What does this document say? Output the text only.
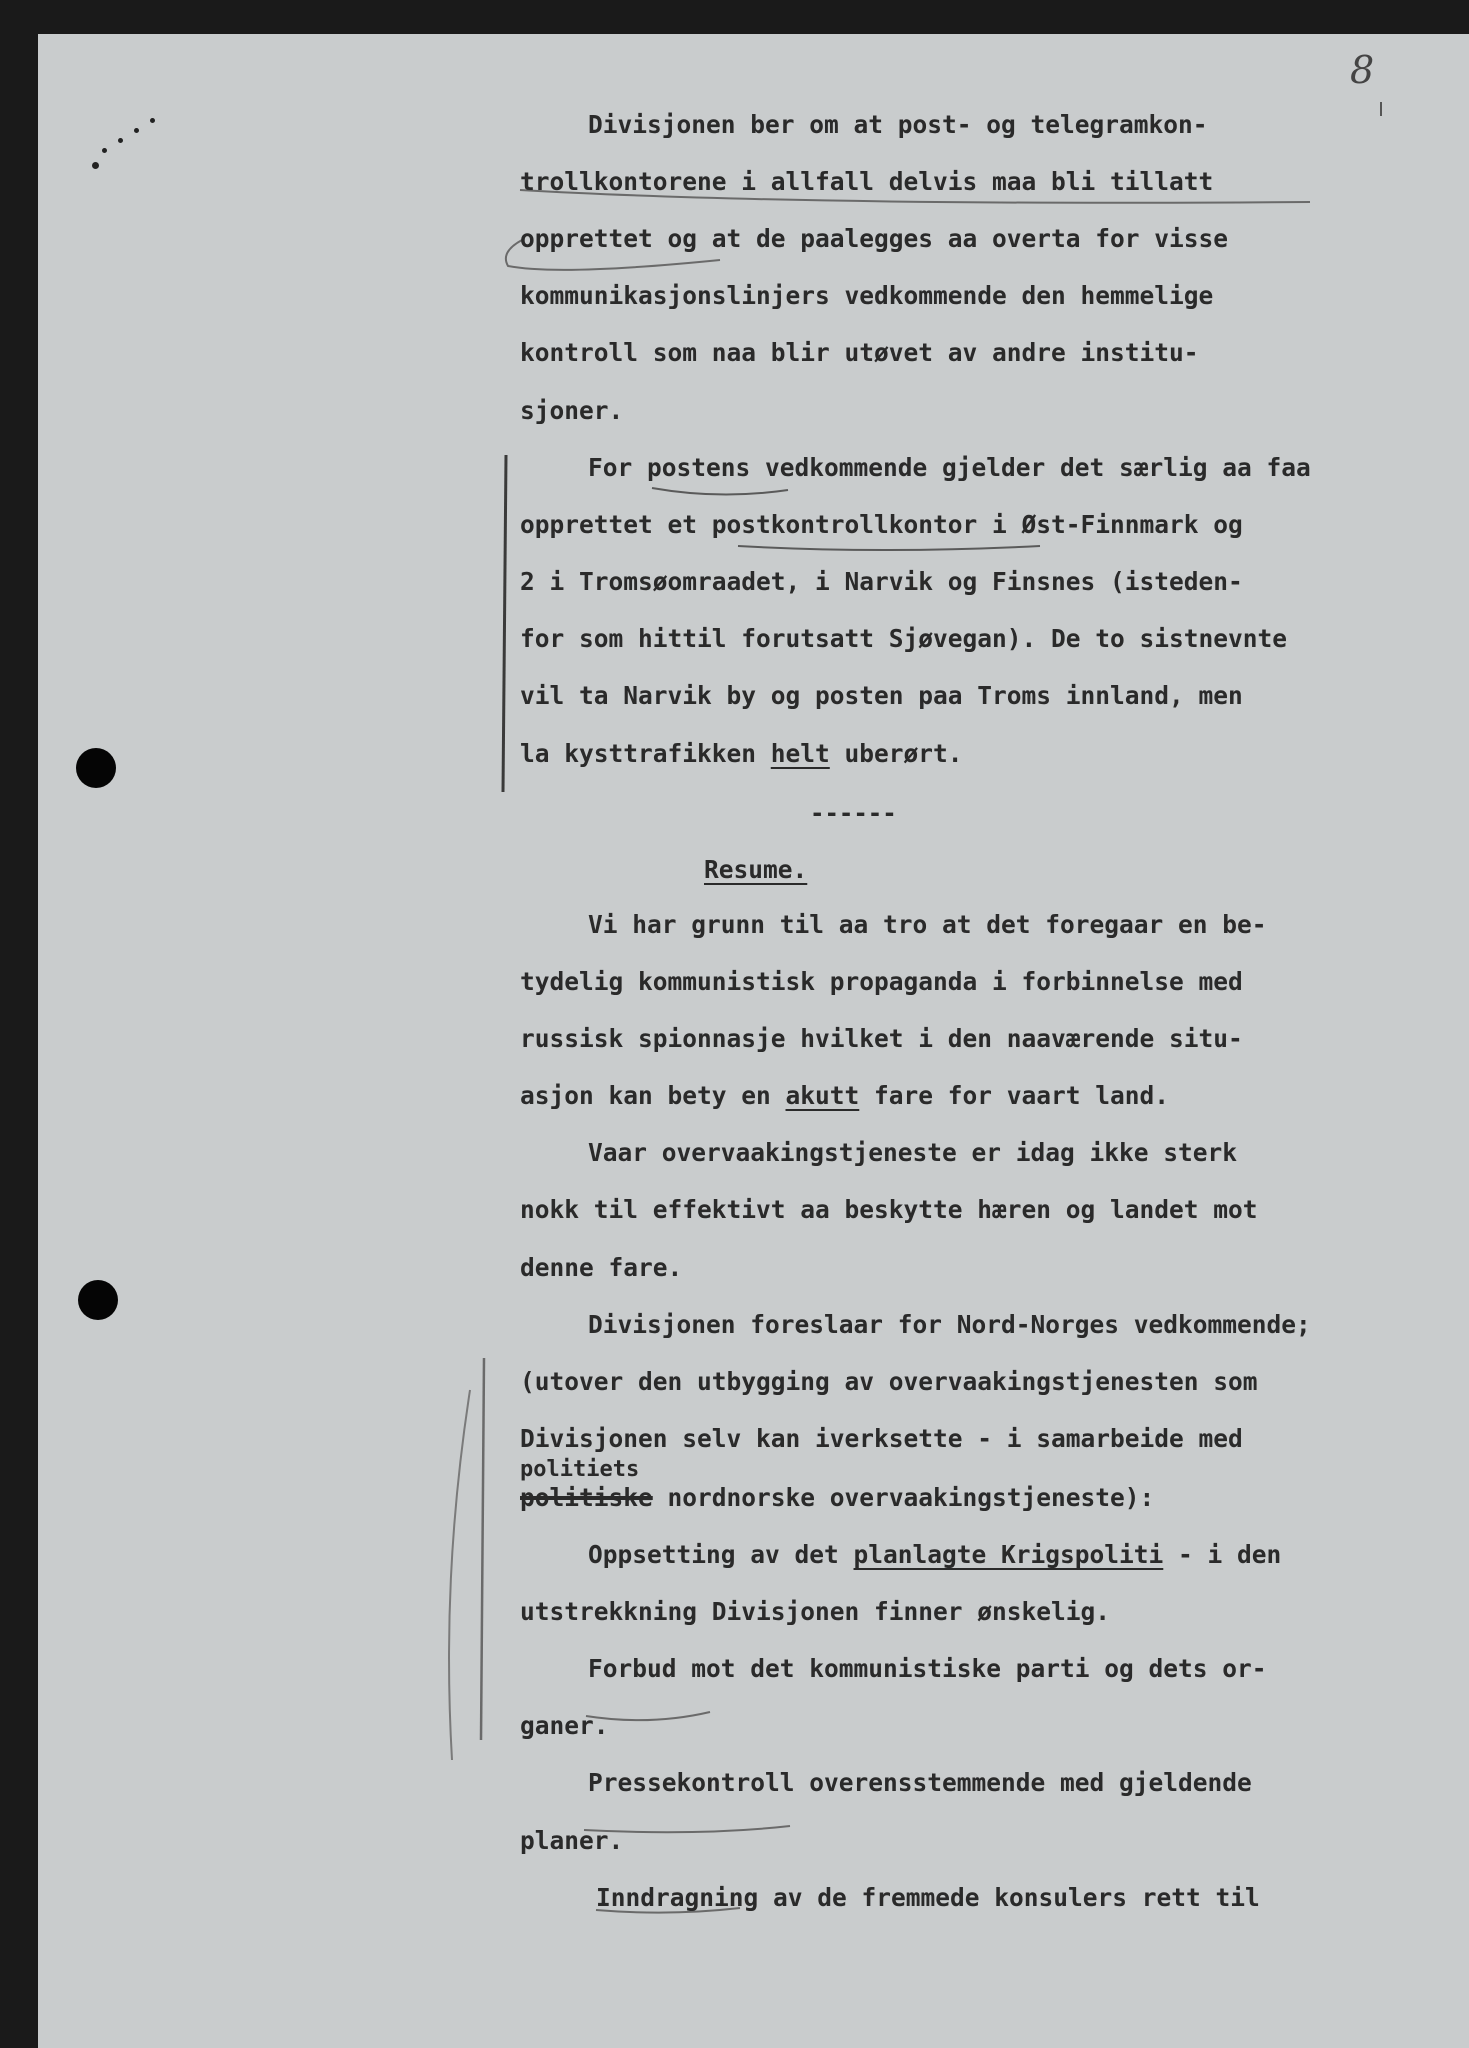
8

Divisjonen ber om at post- og telegramkon-

trollkontorene i allfall delvis maa bli tillatt

opprettet og at de paalegges aa overta for visse

kommunikasjonslinjers vedkommende den hemmelige

kontroll som naa blir utøvet av andre institu-

sjoner.

For postens vedkommende gjelder det særlig aa faa

opprettet et postkontrollkontor i Øst-Finnmark og

2 i Tromsøomraadet, i Narvik og Finsnes (isteden-

for som hittil forutsatt Sjøvegan). De to sistnevnte

vil ta Narvik by og posten paa Troms innland, men

la kysttrafikken helt uberørt.

------

Resume.

Vi har grunn til aa tro at det foregaar en be-

tydelig kommunistisk propaganda i forbinnelse med

russisk spionnasje hvilket i den naaværende situ-

asjon kan bety en akutt fare for vaart land.

Vaar overvaakingstjeneste er idag ikke sterk

nokk til effektivt aa beskytte hæren og landet mot

denne fare.

Divisjonen foreslaar for Nord-Norges vedkommende;

(utover den utbygging av overvaakingstjenesten som

Divisjonen selv kan iverksette - i samarbeide med

politiets

politiske nordnorske overvaakingstjeneste):

Oppsetting av det planlagte Krigspoliti - i den

utstrekkning Divisjonen finner ønskelig.

Forbud mot det kommunistiske parti og dets or-

ganer.

Pressekontroll overensstemmende med gjeldende

planer.

Inndragning av de fremmede konsulers rett til
